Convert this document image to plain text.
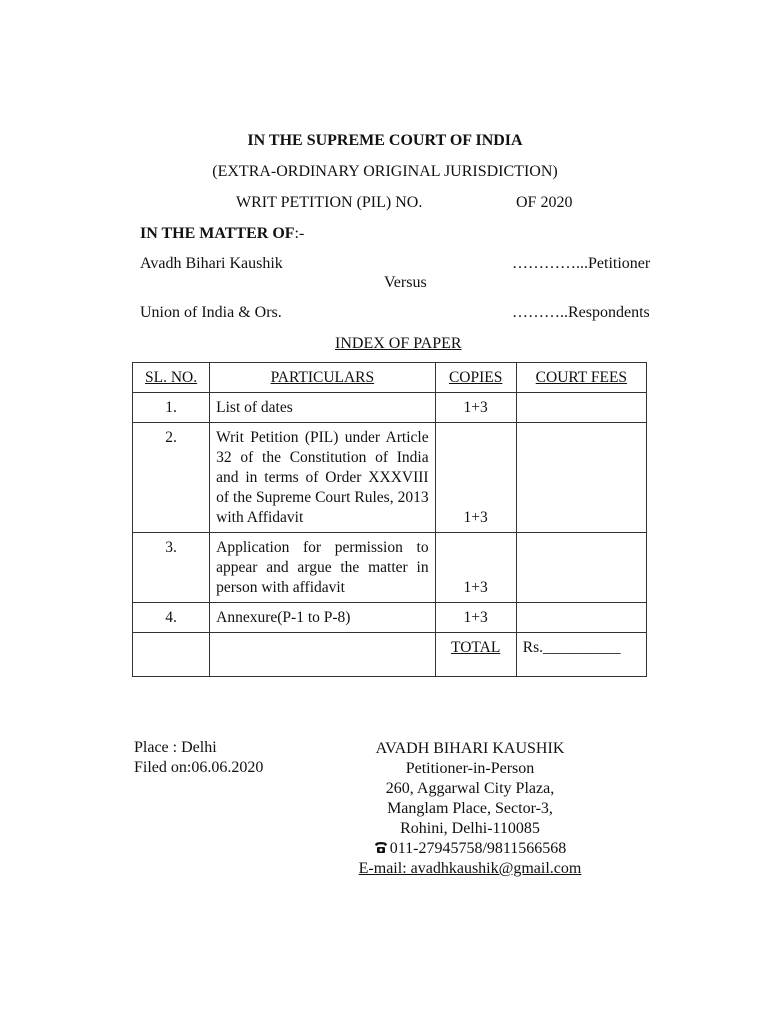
IN THE SUPREME COURT OF INDIA
(EXTRA-ORDINARY ORIGINAL JURISDICTION)
WRIT PETITION (PIL) NO.	OF 2020
IN THE MATTER OF:-
Avadh Bihari Kaushik	…………...Petitioner
Versus
Union of India & Ors.	………..Respondents
INDEX OF PAPER
SL. NO.	PARTICULARS	COPIES	COURT FEES
1.	List of dates	1+3	
2.	Writ Petition (PIL) under Article 32 of the Constitution of India and in terms of Order XXXVIII of the Supreme Court Rules, 2013 with Affidavit	1+3	
3.	Application for permission to appear and argue the matter in person with affidavit	1+3	
4.	Annexure(P-1 to P-8)	1+3	
		TOTAL	Rs.__________
Place : Delhi
Filed on:06.06.2020
AVADH BIHARI KAUSHIK
Petitioner-in-Person
260, Aggarwal City Plaza,
Manglam Place, Sector-3,
Rohini, Delhi-110085
011-27945758/9811566568
E-mail: avadhkaushik@gmail.com
